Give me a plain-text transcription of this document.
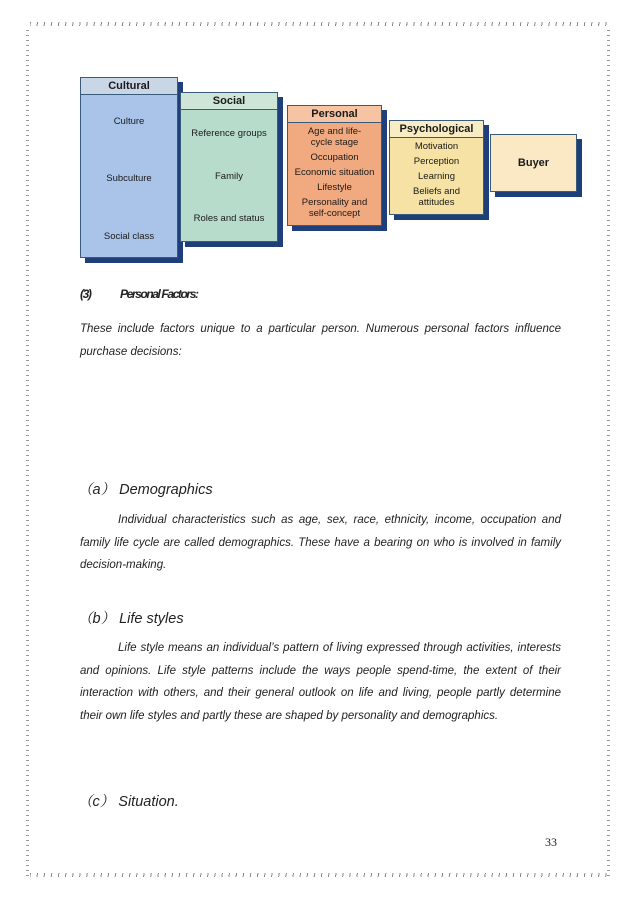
Cultural
Culture
Subculture
Social class
Social
Reference groups
Family
Roles and status
Personal
Age and life-
cycle stage
Occupation
Economic situation
Lifestyle
Personality and
self-concept
Psychological
Motivation
Perception
Learning
Beliefs and
attitudes
Buyer
(3) Personal Factors:
These include factors unique to a particular person. Numerous personal factors influence purchase decisions:
（a） Demographics
Individual characteristics such as age, sex, race, ethnicity, income, occupation and family life cycle are called demographics. These have a bearing on who is involved in family decision-making.
（b） Life styles
Life style means an individual’s pattern of living expressed through activities, interests and opinions. Life style patterns include the ways people spend-time, the extent of their interaction with others, and their general outlook on life and living, people partly determine their own life styles and partly these are shaped by personality and demographics.
（c） Situation.
33
